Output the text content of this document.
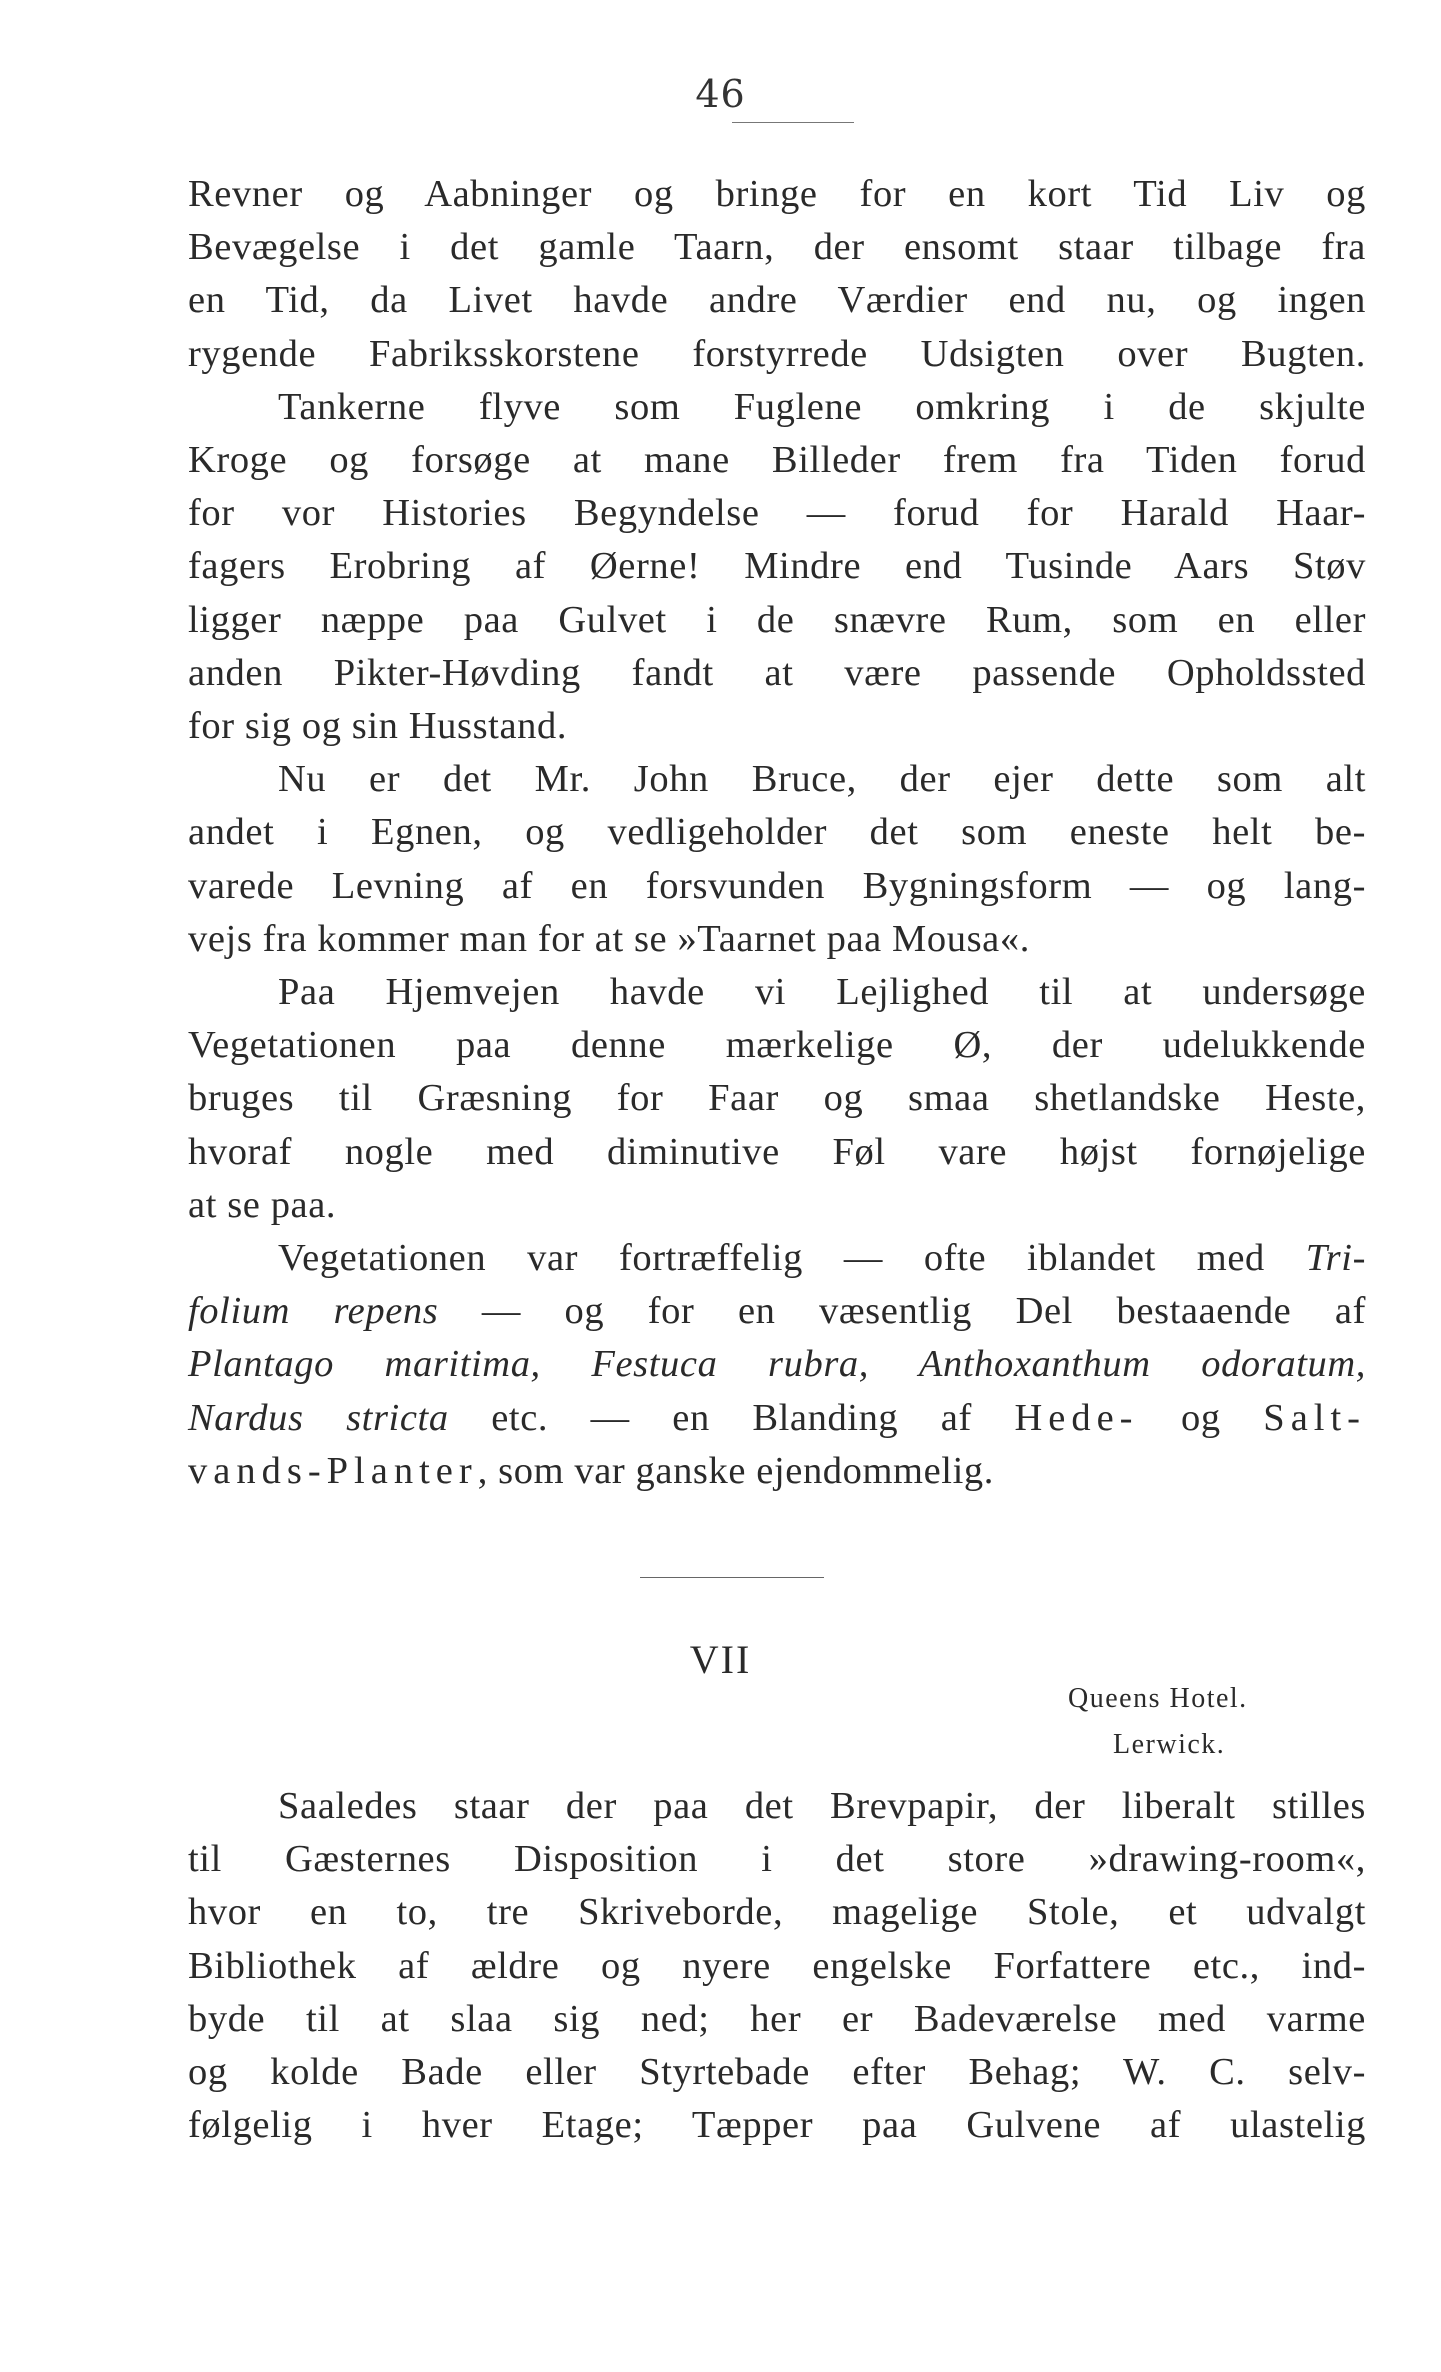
46
Revner og Aabninger og bringe for en kort Tid Liv og
Bevægelse i det gamle Taarn, der ensomt staar tilbage fra
en Tid, da Livet havde andre Værdier end nu, og ingen
rygende Fabriksskorstene forstyrrede Udsigten over Bugten.
Tankerne flyve som Fuglene omkring i de skjulte
Kroge og forsøge at mane Billeder frem fra Tiden forud
for vor Histories Begyndelse — forud for Harald Haar-
fagers Erobring af Øerne! Mindre end Tusinde Aars Støv
ligger næppe paa Gulvet i de snævre Rum, som en eller
anden Pikter-Høvding fandt at være passende Opholdssted
for sig og sin Husstand.
Nu er det Mr. John Bruce, der ejer dette som alt
andet i Egnen, og vedligeholder det som eneste helt be-
varede Levning af en forsvunden Bygningsform — og lang-
vejs fra kommer man for at se »Taarnet paa Mousa«.
Paa Hjemvejen havde vi Lejlighed til at undersøge
Vegetationen paa denne mærkelige Ø, der udelukkende
bruges til Græsning for Faar og smaa shetlandske Heste,
hvoraf nogle med diminutive Føl vare højst fornøjelige
at se paa.
Vegetationen var fortræffelig — ofte iblandet med Tri-
folium repens — og for en væsentlig Del bestaaende af
Plantago maritima, Festuca rubra, Anthoxanthum odoratum,
Nardus stricta etc. — en Blanding af Hede- og Salt-
vands-Planter, som var ganske ejendommelig.
VII
Queens Hotel.
Lerwick.
Saaledes staar der paa det Brevpapir, der liberalt stilles
til Gæsternes Disposition i det store »drawing-room«,
hvor en to, tre Skriveborde, magelige Stole, et udvalgt
Bibliothek af ældre og nyere engelske Forfattere etc., ind-
byde til at slaa sig ned; her er Badeværelse med varme
og kolde Bade eller Styrtebade efter Behag; W. C. selv-
følgelig i hver Etage; Tæpper paa Gulvene af ulastelig
